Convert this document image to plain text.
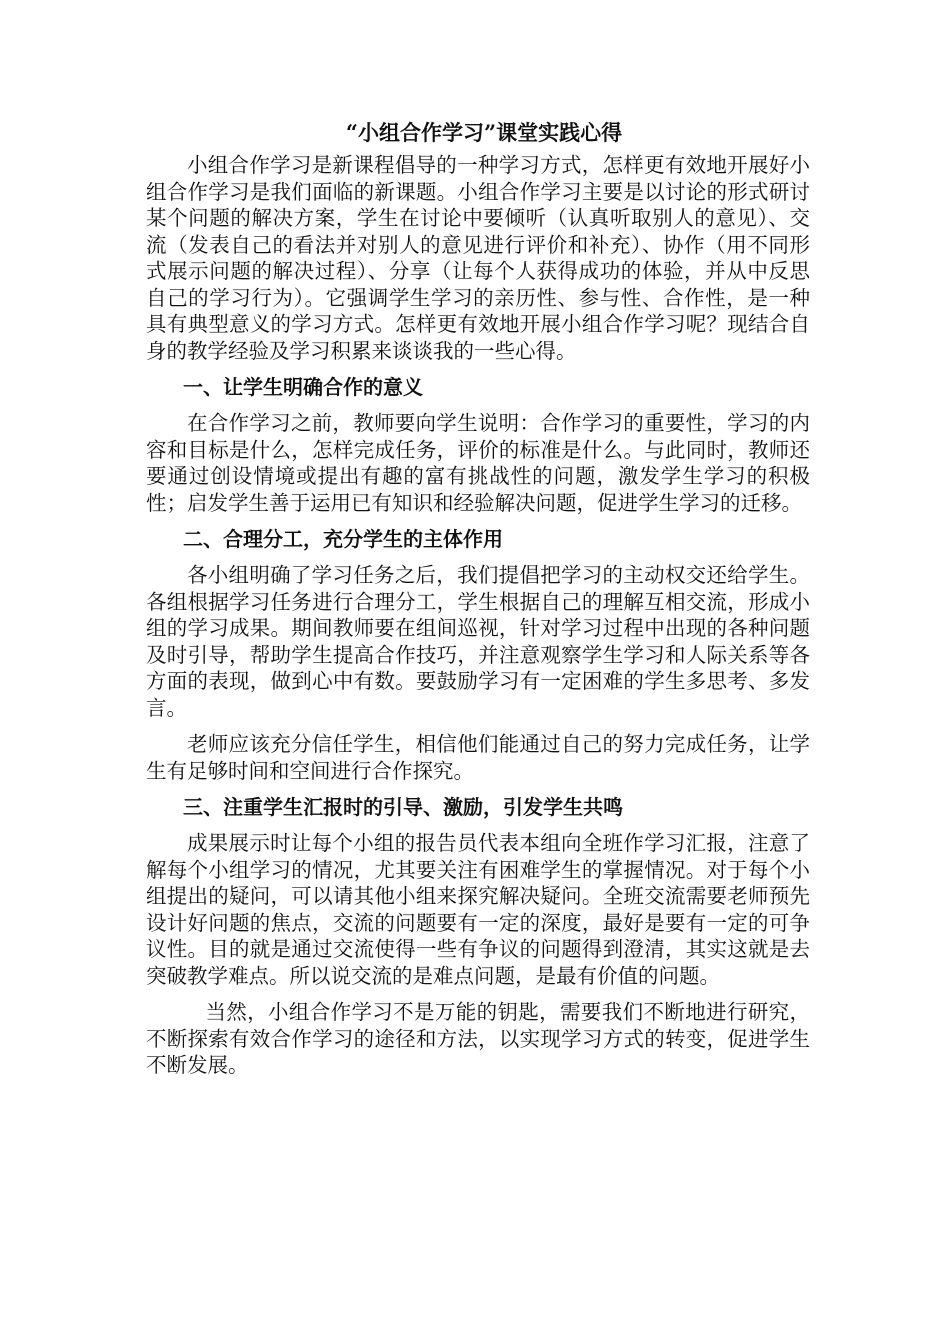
“小组合作学习”课堂实践心得

小组合作学习是新课程倡导的一种学习方式，怎样更有效地开展好小组合作学习是我们面临的新课题。小组合作学习主要是以讨论的形式研讨某个问题的解决方案，学生在讨论中要倾听（认真听取别人的意见）、交流（发表自己的看法并对别人的意见进行评价和补充）、协作（用不同形式展示问题的解决过程）、分享（让每个人获得成功的体验，并从中反思自己的学习行为）。它强调学生学习的亲历性、参与性、合作性，是一种具有典型意义的学习方式。怎样更有效地开展小组合作学习呢？现结合自身的教学经验及学习积累来谈谈我的一些心得。

一、让学生明确合作的意义

在合作学习之前，教师要向学生说明：合作学习的重要性，学习的内容和目标是什么，怎样完成任务，评价的标准是什么。与此同时，教师还要通过创设情境或提出有趣的富有挑战性的问题，激发学生学习的积极性；启发学生善于运用已有知识和经验解决问题，促进学生学习的迁移。

二、合理分工，充分学生的主体作用

各小组明确了学习任务之后，我们提倡把学习的主动权交还给学生。各组根据学习任务进行合理分工，学生根据自己的理解互相交流，形成小组的学习成果。期间教师要在组间巡视，针对学习过程中出现的各种问题及时引导，帮助学生提高合作技巧，并注意观察学生学习和人际关系等各方面的表现，做到心中有数。要鼓励学习有一定困难的学生多思考、多发言。

老师应该充分信任学生，相信他们能通过自己的努力完成任务，让学生有足够时间和空间进行合作探究。

三、注重学生汇报时的引导、激励，引发学生共鸣

成果展示时让每个小组的报告员代表本组向全班作学习汇报，注意了解每个小组学习的情况，尤其要关注有困难学生的掌握情况。对于每个小组提出的疑问，可以请其他小组来探究解决疑问。全班交流需要老师预先设计好问题的焦点，交流的问题要有一定的深度，最好是要有一定的可争议性。目的就是通过交流使得一些有争议的问题得到澄清，其实这就是去突破教学难点。所以说交流的是难点问题，是最有价值的问题。

当然，小组合作学习不是万能的钥匙，需要我们不断地进行研究，不断探索有效合作学习的途径和方法，以实现学习方式的转变，促进学生不断发展。
